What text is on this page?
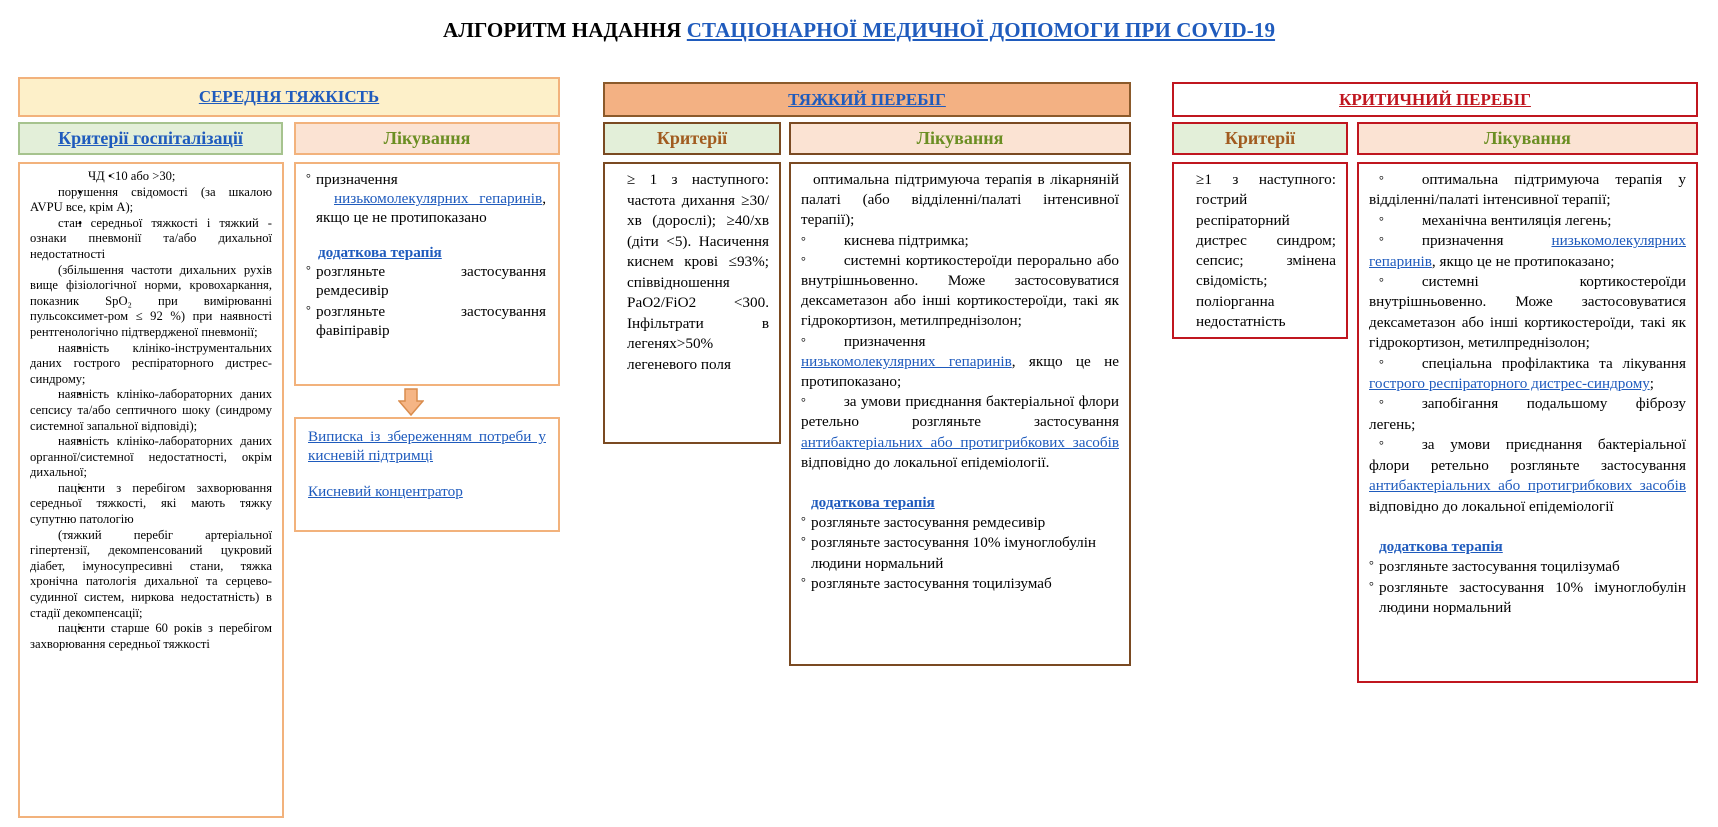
АЛГОРИТМ НАДАННЯ СТАЦІОНАРНОЇ МЕДИЧНОЇ ДОПОМОГИ ПРИ COVID-19
СЕРЕДНЯ ТЯЖКІСТЬ
Критерії госпіталізації	Лікування
• ЧД <10 або >30;
• порушення свідомості (за шкалою AVPU все, крім А);
• стан середньої тяжкості і тяжкий - ознаки пневмонії та/або дихальної недостатності
(збільшення частоти дихальних рухів вище фізіологічної норми, кровохаркання, показник SpO₂ при вимірюванні пульсоксимет-ром ≤ 92 %) при наявності рентгенологічно підтвердженої пневмонії;
• наявність клініко-інструментальних даних гострого респіраторного дистрес-синдрому;
• наявність клініко-лабораторних даних сепсису та/або септичного шоку (синдрому системної запальної відповіді);
• наявність клініко-лабораторних даних органної/системної недостатності, окрім дихальної;
• пацієнти з перебігом захворювання середньої тяжкості, які мають тяжку супутню патологію
(тяжкий перебіг артеріальної гіпертензії, декомпенсований цукровий діабет, імуносупресивні стани, тяжка хронічна патологія дихальної та серцево-судинної систем, ниркова недостатність) в стадії декомпенсації;
• пацієнти старше 60 років з перебігом захворювання середньої тяжкості
° призначення
низькомолекулярних гепаринів, якщо це не протипоказано
додаткова терапія
° розгляньте застосування ремдесивір
° розгляньте застосування фавіпіравір
Виписка із збереженням потреби у кисневій підтримці
Кисневий концентратор
ТЯЖКИЙ ПЕРЕБІГ
Критерії	Лікування
≥ 1 з наступного: частота дихання ≥30/хв (дорослі); ≥40/хв (діти <5). Насичення киснем крові ≤93%; співвідношення PaO2/FiO2 <300. Інфільтрати в легенях>50% легеневого поля
оптимальна підтримуюча терапія в лікарняній палаті (або відділенні/палаті інтенсивної терапії);
°	киснева підтримка;
°	системні кортикостероїди перорально або внутрішньовенно. Може застосовуватися дексаметазон або інші кортикостероїди, такі як гідрокортизон, метилпреднізолон;
°	призначення
низькомолекулярних гепаринів, якщо це не протипоказано;
°	за умови приєднання бактеріальної флори ретельно розгляньте застосування антибактеріальних або протигрибкових засобів відповідно до локальної епідеміології.
додаткова терапія
° розгляньте застосування ремдесивір
° розгляньте застосування 10% імуноглобулін людини нормальний
° розгляньте застосування тоцилізумаб
КРИТИЧНИЙ ПЕРЕБІГ
Критерії	Лікування
≥1 з наступного: гострий респіраторний дистрес синдром; сепсис; змінена свідомість; поліорганна недостатність
°	оптимальна підтримуюча терапія у відділенні/палаті інтенсивної терапії;
°	механічна вентиляція легень;
°	призначення низькомолекулярних гепаринів, якщо це не протипоказано;
°	системні кортикостероїди внутрішньовенно. Може застосовуватися дексаметазон або інші кортикостероїди, такі як гідрокортизон, метилпреднізолон;
°	спеціальна профілактика та лікування гострого респіраторного дистрес-синдрому;
°	запобігання подальшому фіброзу легень;
°	за умови приєднання бактеріальної флори ретельно розгляньте застосування антибактеріальних або протигрибкових засобів відповідно до локальної епідеміології
додаткова терапія
° розгляньте застосування тоцилізумаб
° розгляньте застосування 10% імуноглобулін людини нормальний
